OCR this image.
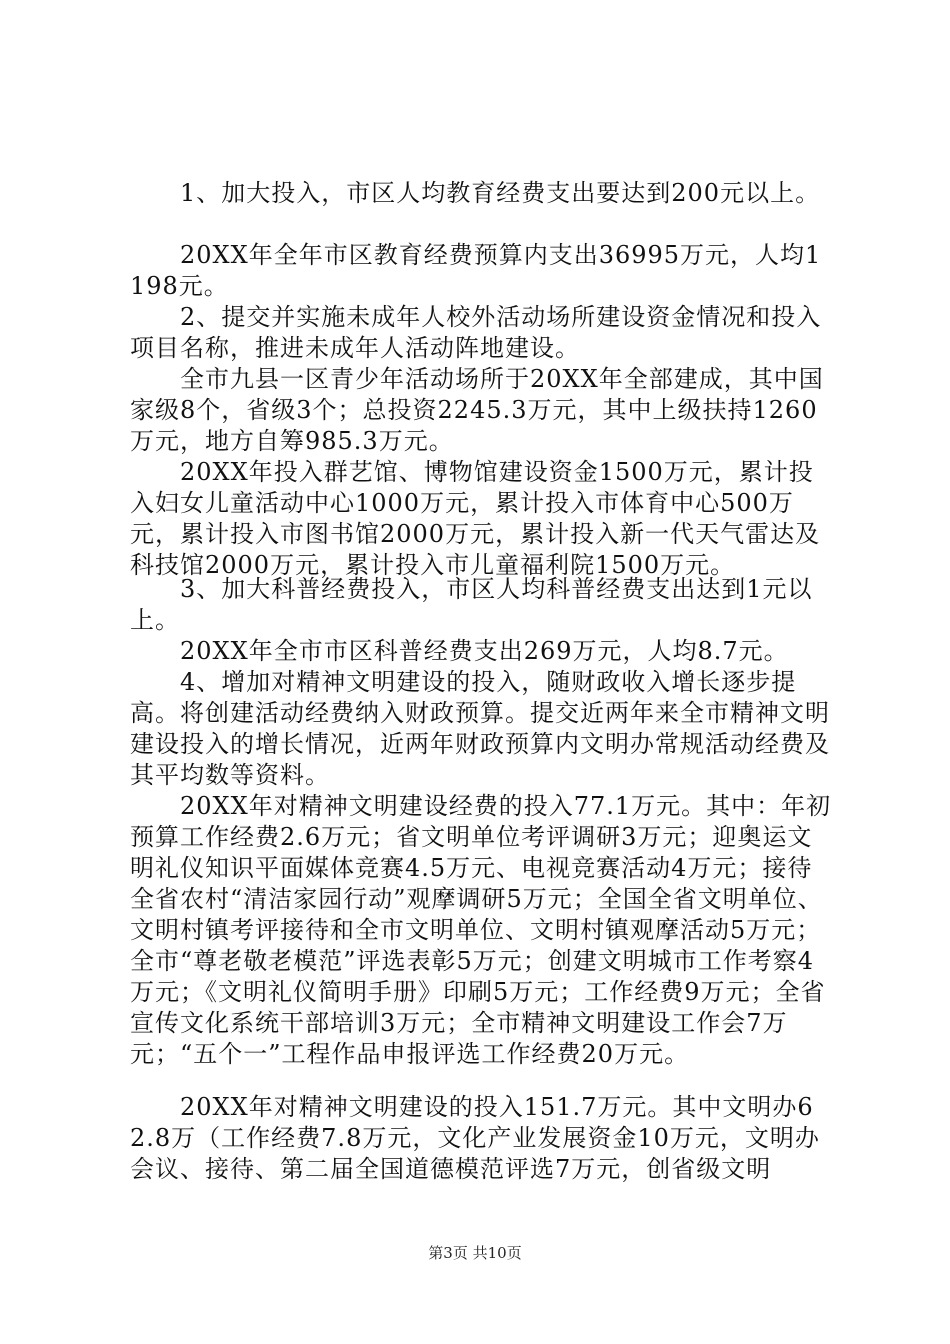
　　1、加大投入，市区人均教育经费支出要达到200元以上。

　　20XX年全年市区教育经费预算内支出36995万元，人均1198元。

　　2、提交并实施未成年人校外活动场所建设资金情况和投入项目名称，推进未成年人活动阵地建设。

　　全市九县一区青少年活动场所于20XX年全部建成，其中国家级8个，省级3个；总投资2245.3万元，其中上级扶持1260万元，地方自筹985.3万元。

　　20XX年投入群艺馆、博物馆建设资金1500万元，累计投入妇女儿童活动中心1000万元，累计投入市体育中心500万元，累计投入市图书馆2000万元，累计投入新一代天气雷达及科技馆2000万元，累计投入市儿童福利院1500万元。

　　3、加大科普经费投入，市区人均科普经费支出达到1元以上。

　　20XX年全市市区科普经费支出269万元，人均8.7元。

　　4、增加对精神文明建设的投入，随财政收入增长逐步提高。将创建活动经费纳入财政预算。提交近两年来全市精神文明建设投入的增长情况，近两年财政预算内文明办常规活动经费及其平均数等资料。

　　20XX年对精神文明建设经费的投入77.1万元。其中：年初预算工作经费2.6万元；省文明单位考评调研3万元；迎奥运文明礼仪知识平面媒体竞赛4.5万元、电视竞赛活动4万元；接待全省农村“清洁家园行动”观摩调研5万元；全国全省文明单位、文明村镇考评接待和全市文明单位、文明村镇观摩活动5万元；全市“尊老敬老模范”评选表彰5万元；创建文明城市工作考察4万元；《文明礼仪简明手册》印刷5万元；工作经费9万元；全省宣传文化系统干部培训3万元；全市精神文明建设工作会7万元；“五个一”工程作品申报评选工作经费20万元。

　　20XX年对精神文明建设的投入151.7万元。其中文明办62.8万（工作经费7.8万元，文化产业发展资金10万元，文明办会议、接待、第二届全国道德模范评选7万元，创省级文明

第3页 共10页
